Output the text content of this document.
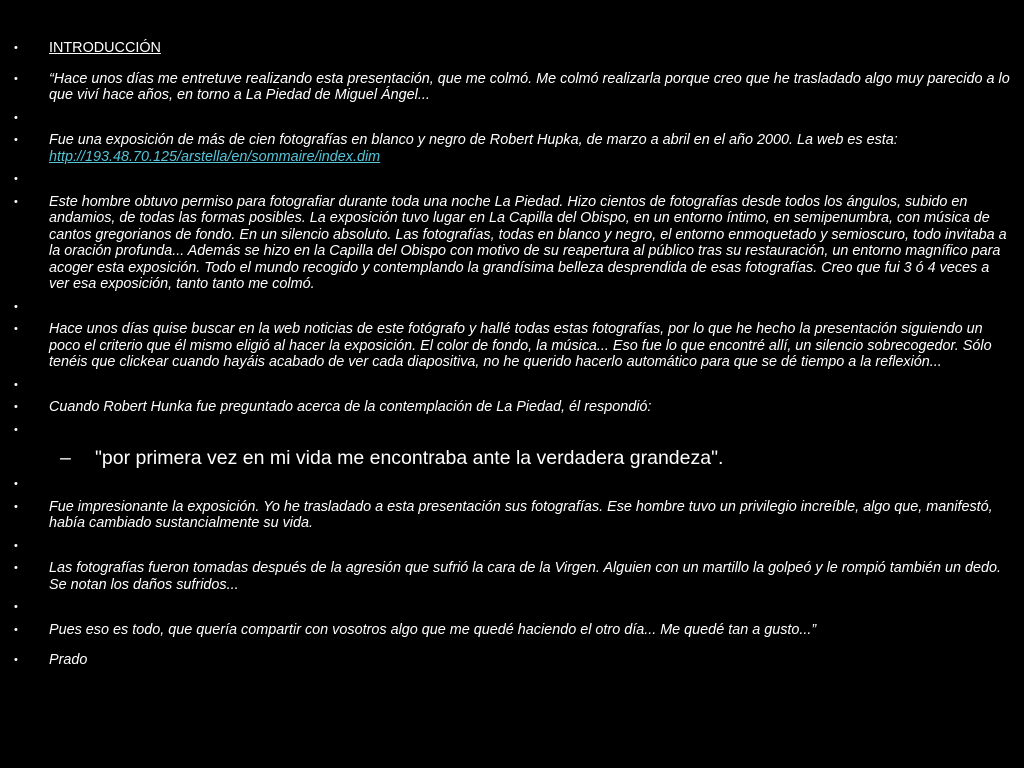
•	INTRODUCCIÓN
•	“Hace unos días me entretuve realizando esta presentación, que me colmó. Me colmó realizarla porque creo que he trasladado algo muy parecido a lo que viví hace años, en torno a La Piedad de Miguel Ángel...
•
•	Fue una exposición de más de cien fotografías en blanco y negro de Robert Hupka, de marzo a abril en el año 2000. La web es esta: http://193.48.70.125/arstella/en/sommaire/index.dim
•
•	Este hombre obtuvo permiso para fotografiar durante toda una noche La Piedad. Hizo cientos de fotografías desde todos los ángulos, subido en andamios, de todas las formas posibles. La exposición tuvo lugar en La Capilla del Obispo, en un entorno íntimo, en semipenumbra, con música de cantos gregorianos de fondo. En un silencio absoluto. Las fotografías, todas en blanco y negro, el entorno enmoquetado y semioscuro, todo invitaba a la oración profunda... Además se hizo en la Capilla del Obispo con motivo de su reapertura al público tras su restauración, un entorno magnífico para acoger esta exposición. Todo el mundo recogido y contemplando la grandísima belleza desprendida de esas fotografías. Creo que fui 3 ó 4 veces a ver esa exposición, tanto tanto me colmó.
•
•	Hace unos días quise buscar en la web noticias de este fotógrafo y hallé todas estas fotografías, por lo que he hecho la presentación siguiendo un poco el criterio que él mismo eligió al hacer la exposición. El color de fondo, la música... Eso fue lo que encontré allí, un silencio sobrecogedor. Sólo tenéis que clickear cuando hayáis acabado de ver cada diapositiva, no he querido hacerlo automático para que se dé tiempo a la reflexión...
•
•	Cuando Robert Hunka fue preguntado acerca de la contemplación de La Piedad, él respondió:
•
– "por primera vez en mi vida me encontraba ante la verdadera grandeza".
•
•	Fue impresionante la exposición. Yo he trasladado a esta presentación sus fotografías. Ese hombre tuvo un privilegio increíble, algo que, manifestó, había cambiado sustancialmente su vida.
•
•	Las fotografías fueron tomadas después de la agresión que sufrió la cara de la Virgen. Alguien con un martillo la golpeó y le rompió también un dedo. Se notan los daños sufridos...
•
•	Pues eso es todo, que quería compartir con vosotros algo que me quedé haciendo el otro día... Me quedé tan a gusto...”
•	Prado
